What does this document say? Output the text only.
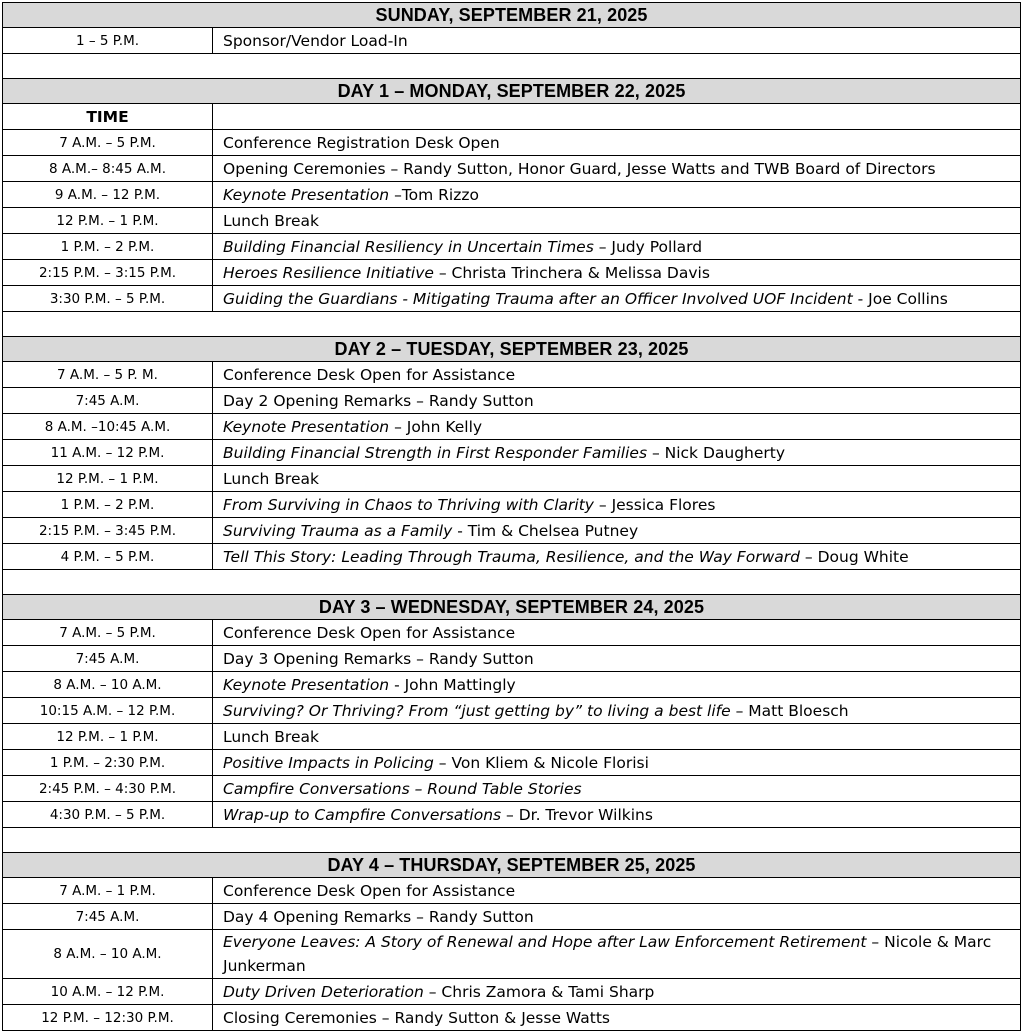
SUNDAY, SEPTEMBER 21, 2025	
1 – 5 P.M.	Sponsor/Vendor Load-In

DAY 1 – MONDAY, SEPTEMBER 22, 2025	
TIME	
7 A.M. – 5 P.M.	Conference Registration Desk Open
8 A.M.– 8:45 A.M.	Opening Ceremonies – Randy Sutton, Honor Guard, Jesse Watts and TWB Board of Directors
9 A.M. – 12 P.M.	Keynote Presentation –Tom Rizzo
12 P.M. – 1 P.M.	Lunch Break
1 P.M. – 2 P.M.	Building Financial Resiliency in Uncertain Times – Judy Pollard
2:15 P.M. – 3:15 P.M.	Heroes Resilience Initiative – Christa Trinchera & Melissa Davis
3:30 P.M. – 5 P.M.	Guiding the Guardians - Mitigating Trauma after an Officer Involved UOF Incident - Joe Collins

DAY 2 – TUESDAY, SEPTEMBER 23, 2025	
7 A.M. – 5 P. M.	Conference Desk Open for Assistance
7:45 A.M.	Day 2 Opening Remarks – Randy Sutton
8 A.M. –10:45 A.M.	Keynote Presentation – John Kelly
11 A.M. – 12 P.M.	Building Financial Strength in First Responder Families – Nick Daugherty
12 P.M. – 1 P.M.	Lunch Break
1 P.M. – 2 P.M.	From Surviving in Chaos to Thriving with Clarity – Jessica Flores
2:15 P.M. – 3:45 P.M.	Surviving Trauma as a Family - Tim & Chelsea Putney
4 P.M. – 5 P.M.	Tell This Story: Leading Through Trauma, Resilience, and the Way Forward – Doug White

DAY 3 – WEDNESDAY, SEPTEMBER 24, 2025	
7 A.M. – 5 P.M.	Conference Desk Open for Assistance
7:45 A.M.	Day 3 Opening Remarks – Randy Sutton
8 A.M. – 10 A.M.	Keynote Presentation - John Mattingly
10:15 A.M. – 12 P.M.	Surviving? Or Thriving? From “just getting by” to living a best life – Matt Bloesch
12 P.M. – 1 P.M.	Lunch Break
1 P.M. – 2:30 P.M.	Positive Impacts in Policing – Von Kliem & Nicole Florisi
2:45 P.M. – 4:30 P.M.	Campfire Conversations – Round Table Stories
4:30 P.M. – 5 P.M.	Wrap-up to Campfire Conversations – Dr. Trevor Wilkins

DAY 4 – THURSDAY, SEPTEMBER 25, 2025	
7 A.M. – 1 P.M.	Conference Desk Open for Assistance
7:45 A.M.	Day 4 Opening Remarks – Randy Sutton
8 A.M. – 10 A.M.	Everyone Leaves: A Story of Renewal and Hope after Law Enforcement Retirement – Nicole & Marc Junkerman
10 A.M. – 12 P.M.	Duty Driven Deterioration – Chris Zamora & Tami Sharp
12 P.M. – 12:30 P.M.	Closing Ceremonies – Randy Sutton & Jesse Watts
